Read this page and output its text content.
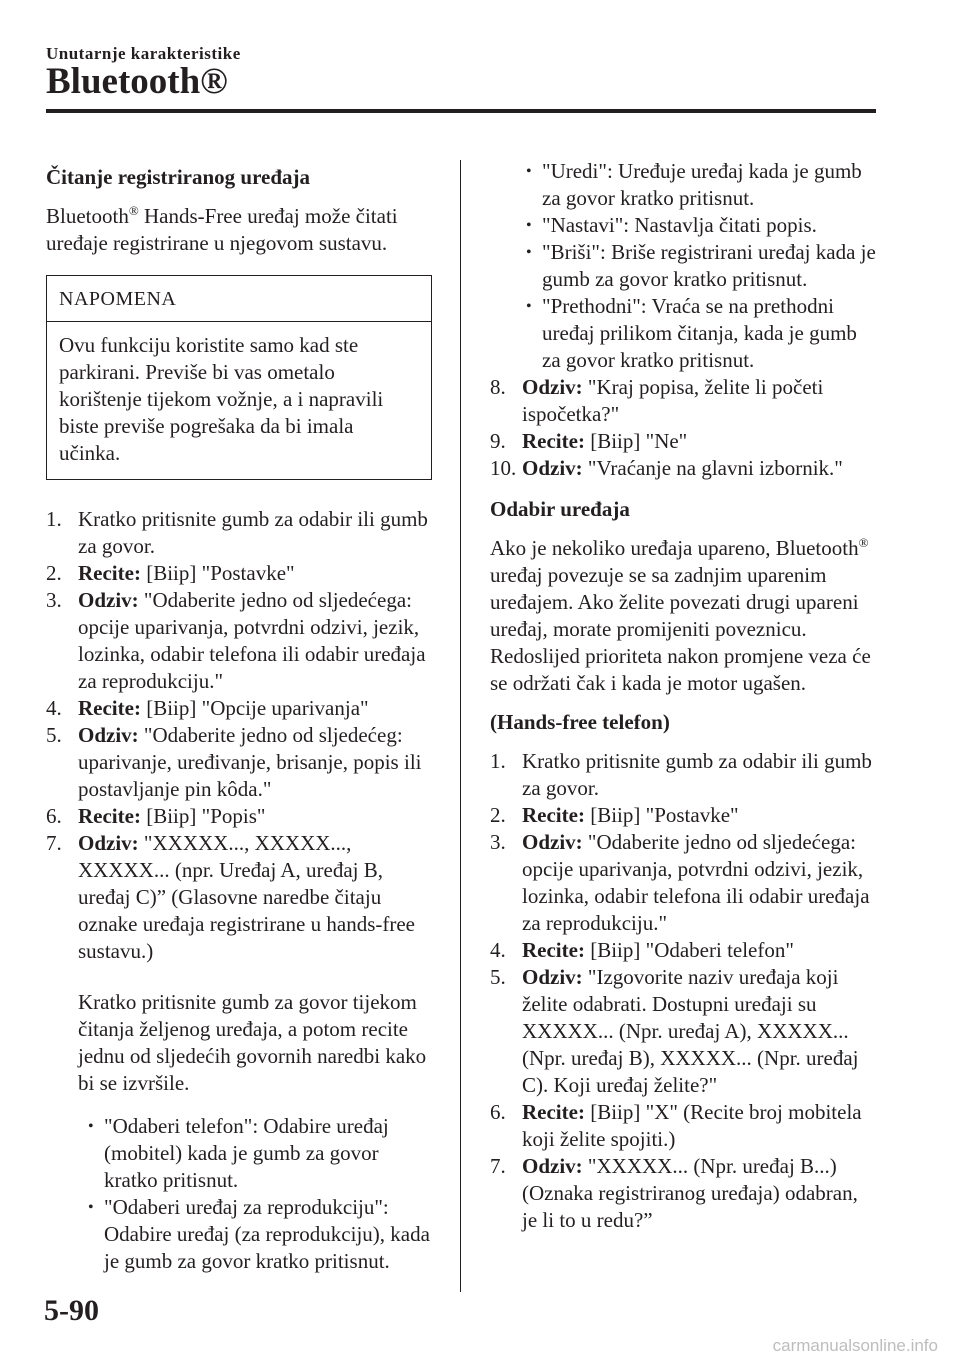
Unutarnje karakteristike
Bluetooth®
Čitanje registriranog uređaja
Bluetooth® Hands-Free uređaj može čitati uređaje registrirane u njegovom sustavu.
NAPOMENA
Ovu funkciju koristite samo kad ste parkirani. Previše bi vas ometalo korištenje tijekom vožnje, a i napravili biste previše pogrešaka da bi imala učinka.
1. Kratko pritisnite gumb za odabir ili gumb za govor.
2. Recite: [Biip] "Postavke"
3. Odziv: "Odaberite jedno od sljedećega: opcije uparivanja, potvrdni odzivi, jezik, lozinka, odabir telefona ili odabir uređaja za reprodukciju."
4. Recite: [Biip] "Opcije uparivanja"
5. Odziv: "Odaberite jedno od sljedećeg: uparivanje, uređivanje, brisanje, popis ili postavljanje pin kôda."
6. Recite: [Biip] "Popis"
7. Odziv: "XXXXX..., XXXXX..., XXXXX... (npr. Uređaj A, uređaj B, uređaj C)” (Glasovne naredbe čitaju oznake uređaja registrirane u hands-free sustavu.)
Kratko pritisnite gumb za govor tijekom čitanja željenog uređaja, a potom recite jednu od sljedećih govornih naredbi kako bi se izvršile.
• "Odaberi telefon": Odabire uređaj (mobitel) kada je gumb za govor kratko pritisnut.
• "Odaberi uređaj za reprodukciju": Odabire uređaj (za reprodukciju), kada je gumb za govor kratko pritisnut.
• "Uredi": Uređuje uređaj kada je gumb za govor kratko pritisnut.
• "Nastavi": Nastavlja čitati popis.
• "Briši": Briše registrirani uređaj kada je gumb za govor kratko pritisnut.
• "Prethodni": Vraća se na prethodni uređaj prilikom čitanja, kada je gumb za govor kratko pritisnut.
8. Odziv: "Kraj popisa, želite li početi ispočetka?"
9. Recite: [Biip] "Ne"
10. Odziv: "Vraćanje na glavni izbornik."
Odabir uređaja
Ako je nekoliko uređaja upareno, Bluetooth® uređaj povezuje se sa zadnjim uparenim uređajem. Ako želite povezati drugi upareni uređaj, morate promijeniti poveznicu. Redoslijed prioriteta nakon promjene veza će se održati čak i kada je motor ugašen.
(Hands-free telefon)
1. Kratko pritisnite gumb za odabir ili gumb za govor.
2. Recite: [Biip] "Postavke"
3. Odziv: "Odaberite jedno od sljedećega: opcije uparivanja, potvrdni odzivi, jezik, lozinka, odabir telefona ili odabir uređaja za reprodukciju."
4. Recite: [Biip] "Odaberi telefon"
5. Odziv: "Izgovorite naziv uređaja koji želite odabrati. Dostupni uređaji su XXXXX... (Npr. uređaj A), XXXXX... (Npr. uređaj B), XXXXX... (Npr. uređaj C). Koji uređaj želite?"
6. Recite: [Biip] "X" (Recite broj mobitela koji želite spojiti.)
7. Odziv: "XXXXX... (Npr. uređaj B...) (Oznaka registriranog uređaja) odabran, je li to u redu?”
5-90
carmanualsonline.info
